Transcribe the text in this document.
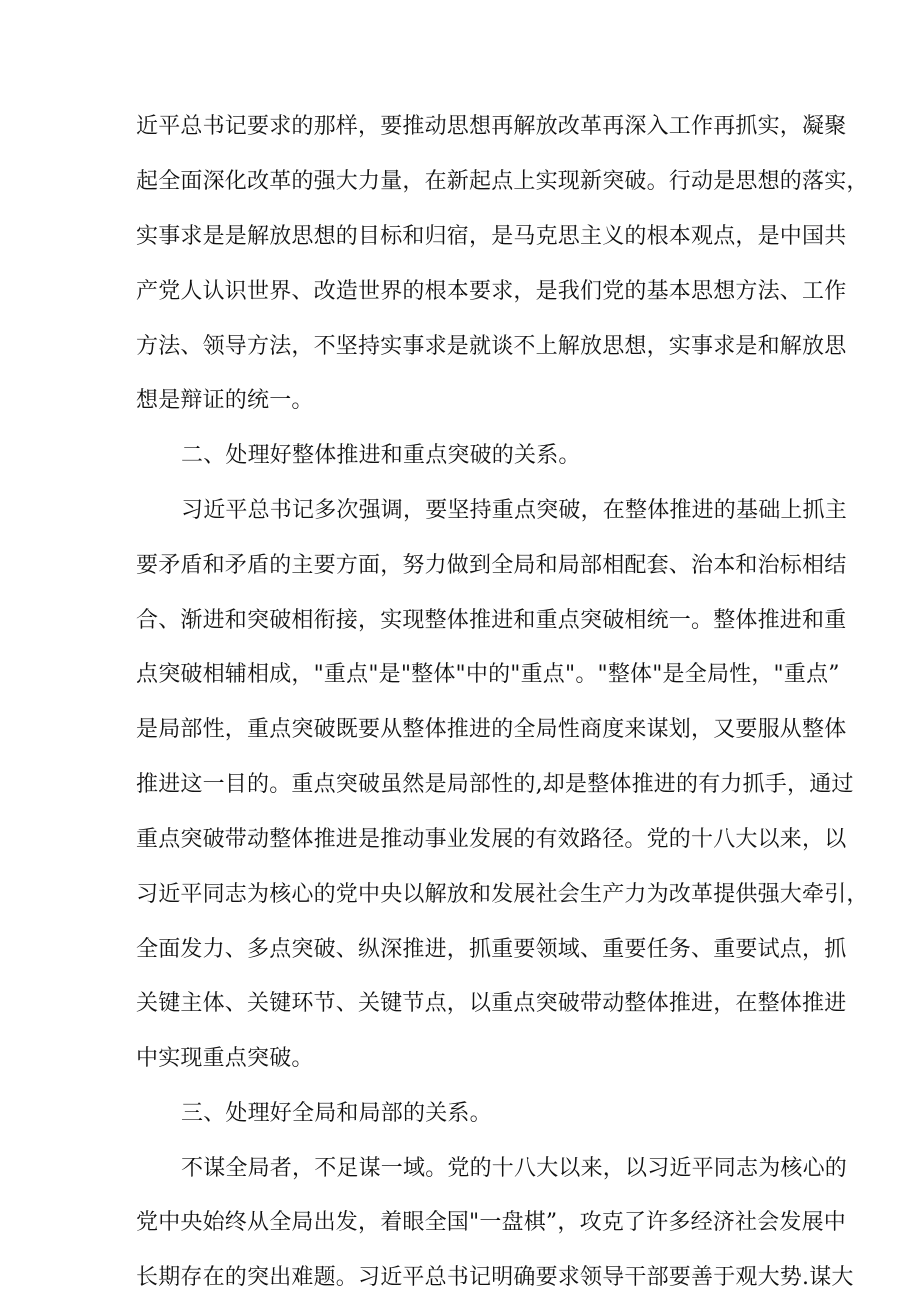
近平总书记要求的那样，要推动思想再解放改革再深入工作再抓实，凝聚
起全面深化改革的强大力量，在新起点上实现新突破。行动是思想的落实，
实事求是是解放思想的目标和归宿，是马克思主义的根本观点，是中国共
产党人认识世界、改造世界的根本要求，是我们党的基本思想方法、工作
方法、领导方法，不坚持实事求是就谈不上解放思想，实事求是和解放思
想是辩证的统一。
二、处理好整体推进和重点突破的关系。
习近平总书记多次强调，要坚持重点突破，在整体推进的基础上抓主
要矛盾和矛盾的主要方面，努力做到全局和局部相配套、治本和治标相结
合、渐进和突破相衔接，实现整体推进和重点突破相统一。整体推进和重
点突破相辅相成，"重点"是"整体"中的"重点"。"整体"是全局性，"重点”
是局部性，重点突破既要从整体推进的全局性商度来谋划，又要服从整体
推进这一目的。重点突破虽然是局部性的,却是整体推进的有力抓手，通过
重点突破带动整体推进是推动事业发展的有效路径。党的十八大以来，以
习近平同志为核心的党中央以解放和发展社会生产力为改革提供强大牵引，
全面发力、多点突破、纵深推进，抓重要领域、重要任务、重要试点，抓
关键主体、关键环节、关键节点，以重点突破带动整体推进，在整体推进
中实现重点突破。
三、处理好全局和局部的关系。
不谋全局者，不足谋一域。党的十八大以来，以习近平同志为核心的
党中央始终从全局出发，着眼全国"一盘棋”，攻克了许多经济社会发展中
长期存在的突出难题。习近平总书记明确要求领导干部要善于观大势.谋大
